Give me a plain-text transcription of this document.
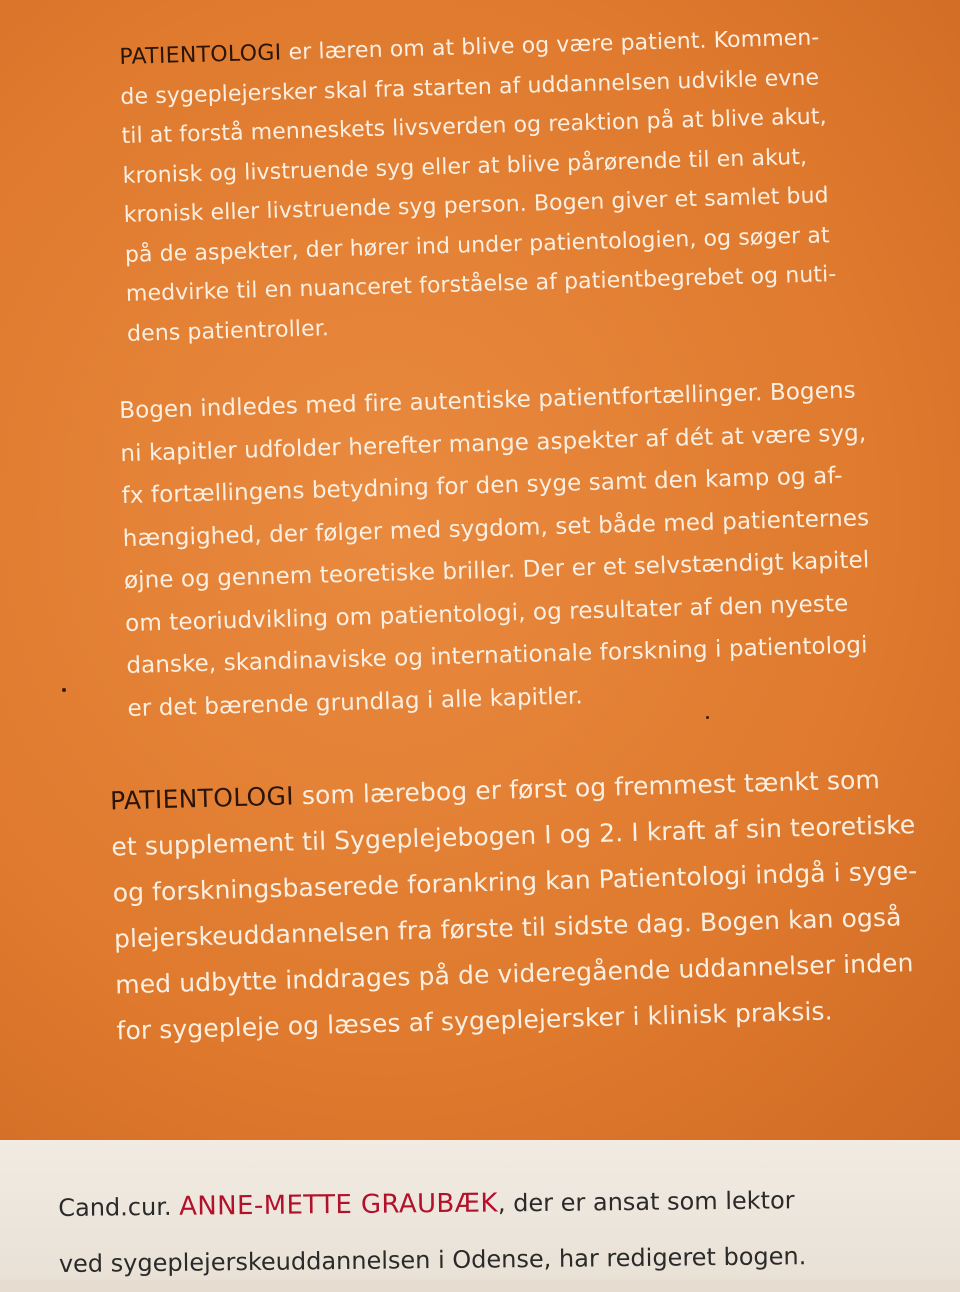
PATIENTOLOGI er læren om at blive og være patient. Kommen-
de sygeplejersker skal fra starten af uddannelsen udvikle evne
til at forstå menneskets livsverden og reaktion på at blive akut,
kronisk og livstruende syg eller at blive pårørende til en akut,
kronisk eller livstruende syg person. Bogen giver et samlet bud
på de aspekter, der hører ind under patientologien, og søger at
medvirke til en nuanceret forståelse af patientbegrebet og nuti-
dens patientroller.

Bogen indledes med fire autentiske patientfortællinger. Bogens
ni kapitler udfolder herefter mange aspekter af dét at være syg,
fx fortællingens betydning for den syge samt den kamp og af-
hængighed, der følger med sygdom, set både med patienternes
øjne og gennem teoretiske briller. Der er et selvstændigt kapitel
om teoriudvikling om patientologi, og resultater af den nyeste
danske, skandinaviske og internationale forskning i patientologi
er det bærende grundlag i alle kapitler.

PATIENTOLOGI som lærebog er først og fremmest tænkt som
et supplement til Sygeplejebogen I og 2. I kraft af sin teoretiske
og forskningsbaserede forankring kan Patientologi indgå i syge-
plejerskeuddannelsen fra første til sidste dag. Bogen kan også
med udbytte inddrages på de videregående uddannelser inden
for sygepleje og læses af sygeplejersker i klinisk praksis.

Cand.cur. ANNE-METTE GRAUBÆK, der er ansat som lektor
ved sygeplejerskeuddannelsen i Odense, har redigeret bogen.
